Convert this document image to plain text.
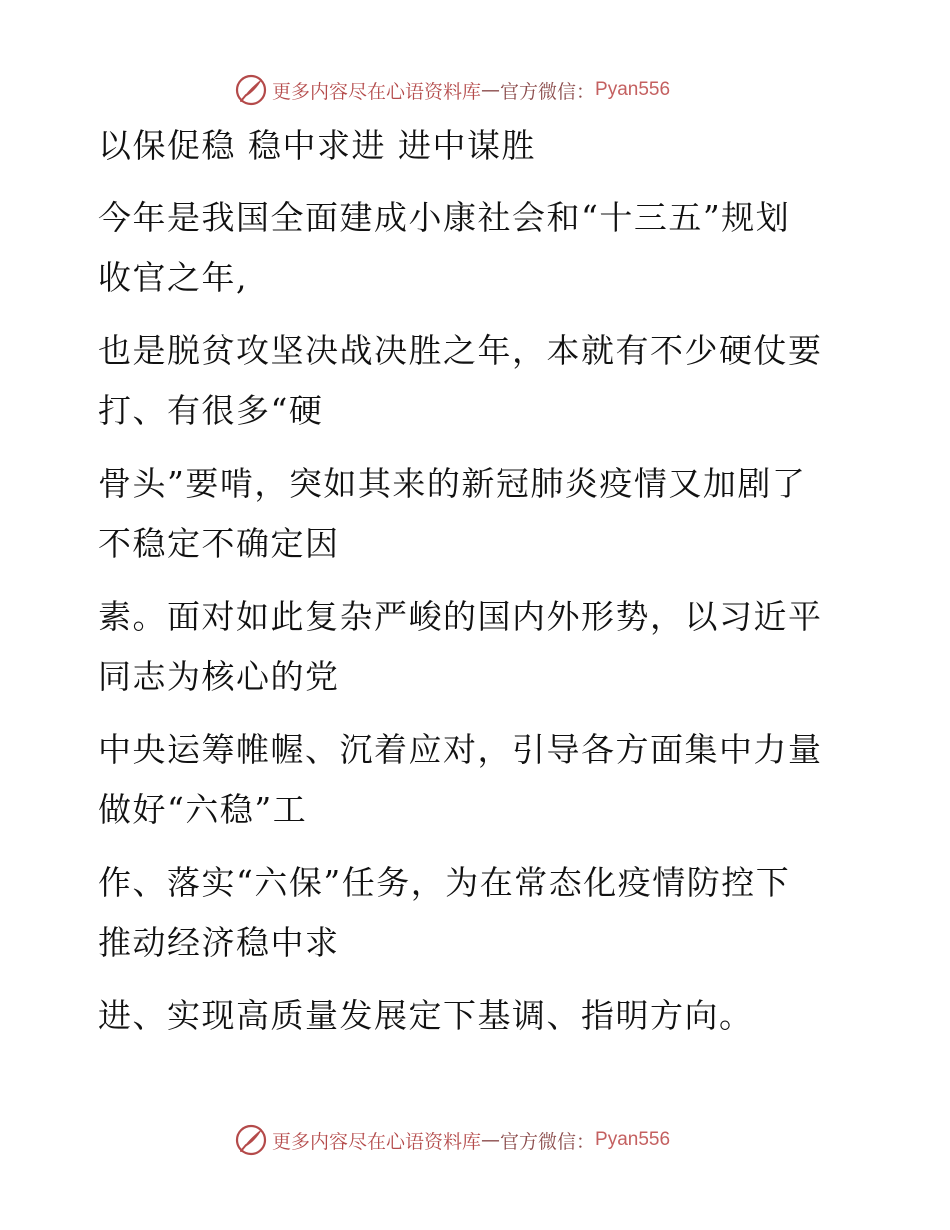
更多内容尽在心语资料库 — 官方微信： Pyan556
以保促稳 稳中求进 进中谋胜
今年是我国全面建成小康社会和“十三五”规划
收官之年,
也是脱贫攻坚决战决胜之年，本就有不少硬仗要
打、有很多“硬
骨头”要啃，突如其来的新冠肺炎疫情又加剧了
不稳定不确定因
素。面对如此复杂严峻的国内外形势，以习近平
同志为核心的党
中央运筹帷幄、沉着应对，引导各方面集中力量
做好“六稳”工
作、落实“六保”任务，为在常态化疫情防控下
推动经济稳中求
进、实现高质量发展定下基调、指明方向。
更多内容尽在心语资料库 — 官方微信： Pyan556
